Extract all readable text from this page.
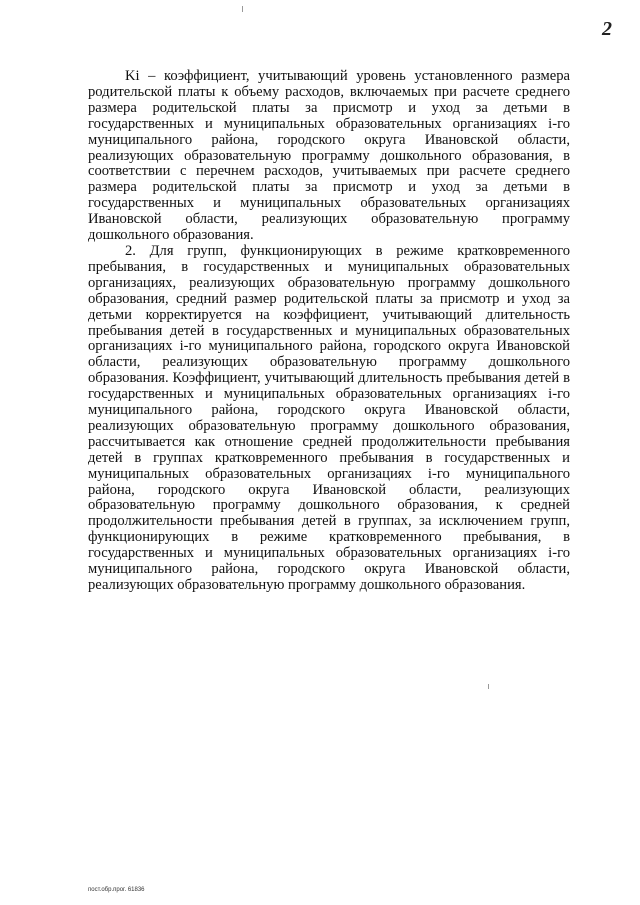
2

Ki – коэффициент, учитывающий уровень установленного размера родительской платы к объему расходов, включаемых при расчете среднего размера родительской платы за присмотр и уход за детьми в государственных и муниципальных образовательных организациях i-го муниципального района, городского округа Ивановской области, реализующих образовательную программу дошкольного образования, в соответствии с перечнем расходов, учитываемых при расчете среднего размера родительской платы за присмотр и уход за детьми в государственных и муниципальных образовательных организациях Ивановской области, реализующих образовательную программу дошкольного образования.

2. Для групп, функционирующих в режиме кратковременного пребывания, в государственных и муниципальных образовательных организациях, реализующих образовательную программу дошкольного образования, средний размер родительской платы за присмотр и уход за детьми корректируется на коэффициент, учитывающий длительность пребывания детей в государственных и муниципальных образовательных организациях i-го муниципального района, городского округа Ивановской области, реализующих образовательную программу дошкольного образования. Коэффициент, учитывающий длительность пребывания детей в государственных и муниципальных образовательных организациях i-го муниципального района, городского округа Ивановской области, реализующих образовательную программу дошкольного образования, рассчитывается как отношение средней продолжительности пребывания детей в группах кратковременного пребывания в государственных и муниципальных образовательных организациях i-го муниципального района, городского округа Ивановской области, реализующих образовательную программу дошкольного образования, к средней продолжительности пребывания детей в группах, за исключением групп, функционирующих в режиме кратковременного пребывания, в государственных и муниципальных образовательных организациях i-го муниципального района, городского округа Ивановской области, реализующих образовательную программу дошкольного образования.

пост.обр.прог. 61836
